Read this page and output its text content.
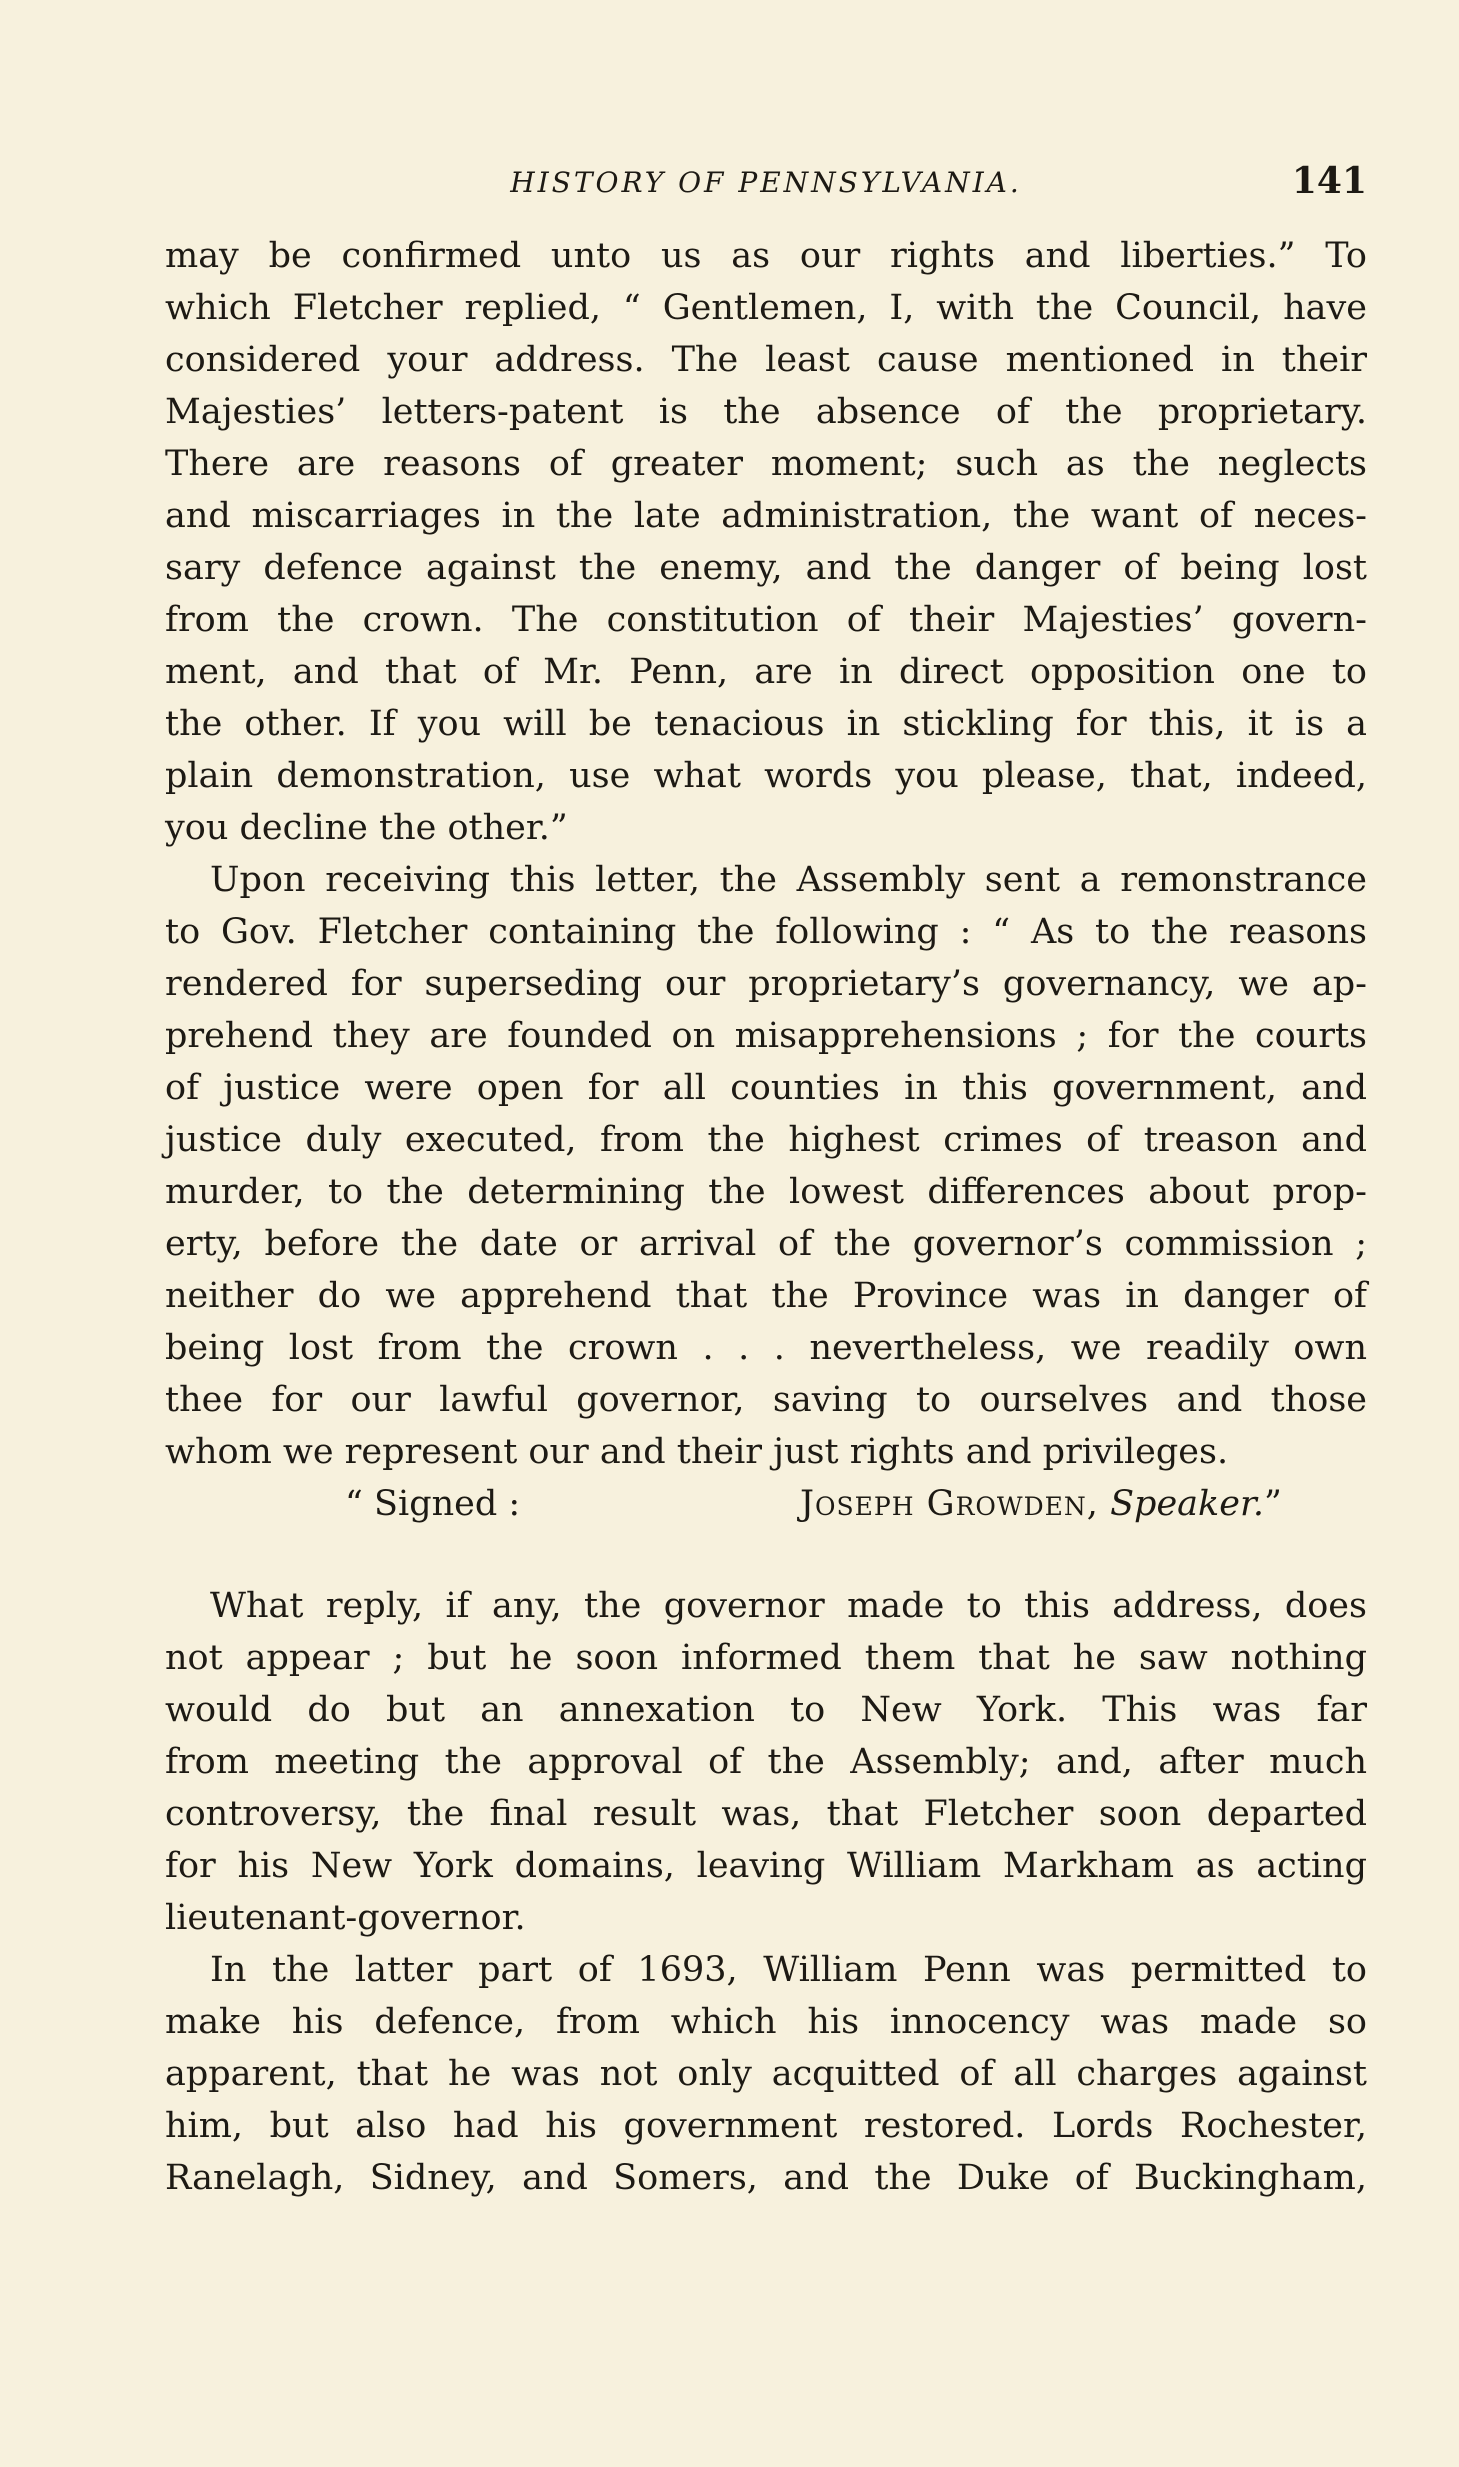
HISTORY OF PENNSYLVANIA.	141
may be confirmed unto us as our rights and liberties.” To
which Fletcher replied, “ Gentlemen, I, with the Council, have
considered your address. The least cause mentioned in their
Majesties’ letters-patent is the absence of the proprietary.
There are reasons of greater moment; such as the neglects
and miscarriages in the late administration, the want of neces-
sary defence against the enemy, and the danger of being lost
from the crown. The constitution of their Majesties’ govern-
ment, and that of Mr. Penn, are in direct opposition one to
the other. If you will be tenacious in stickling for this, it is a
plain demonstration, use what words you please, that, indeed,
you decline the other.”
Upon receiving this letter, the Assembly sent a remonstrance
to Gov. Fletcher containing the following : “ As to the reasons
rendered for superseding our proprietary’s governancy, we ap-
prehend they are founded on misapprehensions ; for the courts
of justice were open for all counties in this government, and
justice duly executed, from the highest crimes of treason and
murder, to the determining the lowest differences about prop-
erty, before the date or arrival of the governor’s commission ;
neither do we apprehend that the Province was in danger of
being lost from the crown . . . nevertheless, we readily own
thee for our lawful governor, saving to ourselves and those
whom we represent our and their just rights and privileges.
“ Signed :	Joseph Growden, Speaker.”
What reply, if any, the governor made to this address, does
not appear ; but he soon informed them that he saw nothing
would do but an annexation to New York. This was far
from meeting the approval of the Assembly; and, after much
controversy, the final result was, that Fletcher soon departed
for his New York domains, leaving William Markham as acting
lieutenant-governor.
In the latter part of 1693, William Penn was permitted to
make his defence, from which his innocency was made so
apparent, that he was not only acquitted of all charges against
him, but also had his government restored. Lords Rochester,
Ranelagh, Sidney, and Somers, and the Duke of Buckingham,
